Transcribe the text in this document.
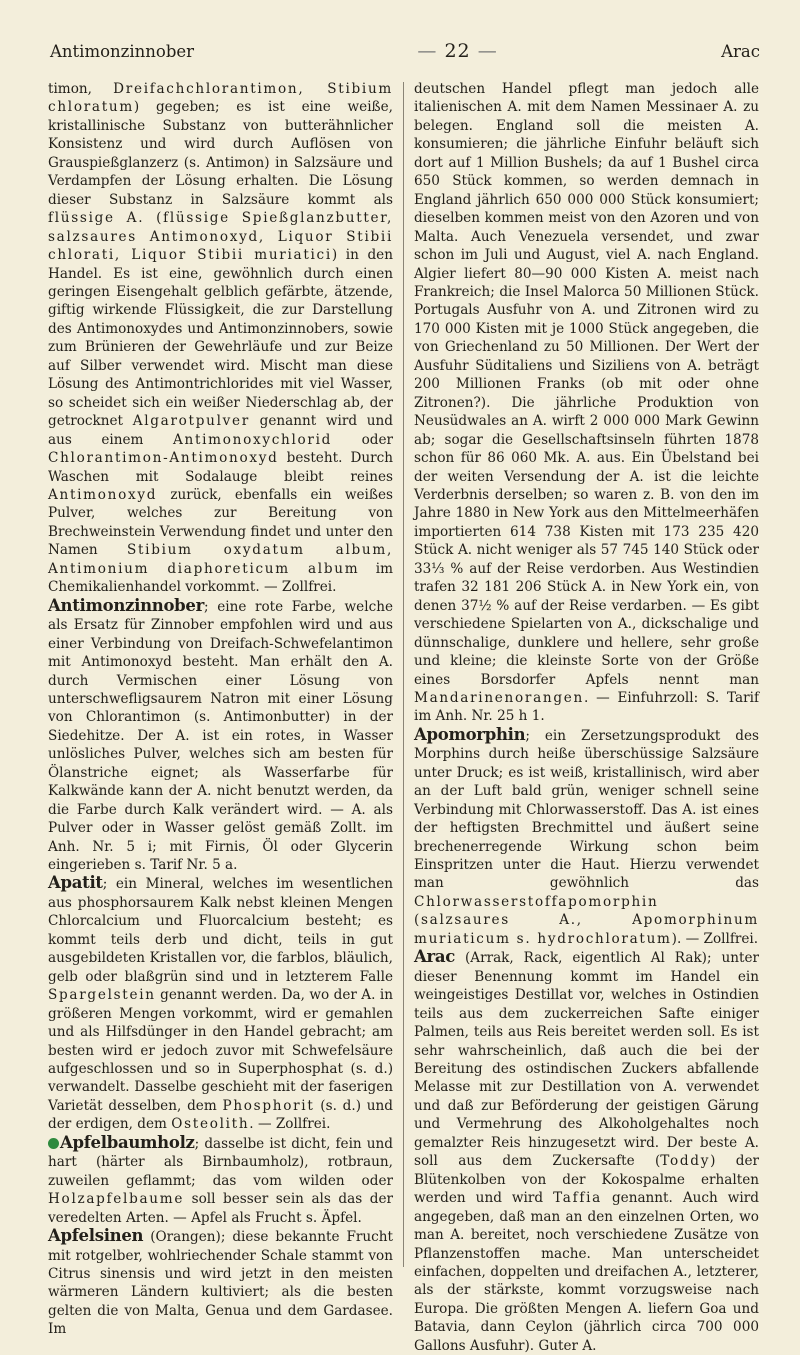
Antimonzinnober	— 22 —	Arac

timon, Dreifachchlorantimon, Stibium chloratum) gegeben; es ist eine weiße, kristallinische Substanz von butterähnlicher Konsistenz und wird durch Auflösen von Grauspießglanzerz (s. Antimon) in Salzsäure und Verdampfen der Lösung erhalten. Die Lösung dieser Substanz in Salzsäure kommt als flüssige A. (flüssige Spießglanzbutter, salzsaures Antimonoxyd, Liquor Stibii chlorati, Liquor Stibii muriatici) in den Handel. Es ist eine, gewöhnlich durch einen geringen Eisengehalt gelblich gefärbte, ätzende, giftig wirkende Flüssigkeit, die zur Darstellung des Antimonoxydes und Antimonzinnobers, sowie zum Brünieren der Gewehrläufe und zur Beize auf Silber verwendet wird. Mischt man diese Lösung des Antimontrichlorides mit viel Wasser, so scheidet sich ein weißer Niederschlag ab, der getrocknet Algarotpulver genannt wird und aus einem Antimonoxychlorid oder Chlorantimon-Antimonoxyd besteht. Durch Waschen mit Sodalauge bleibt reines Antimonoxyd zurück, ebenfalls ein weißes Pulver, welches zur Bereitung von Brechweinstein Verwendung findet und unter den Namen Stibium oxydatum album, Antimonium diaphoreticum album im Chemikalienhandel vorkommt. — Zollfrei.

Antimonzinnober; eine rote Farbe, welche als Ersatz für Zinnober empfohlen wird und aus einer Verbindung von Dreifach-Schwefelantimon mit Antimonoxyd besteht. Man erhält den A. durch Vermischen einer Lösung von unterschwefligsaurem Natron mit einer Lösung von Chlorantimon (s. Antimonbutter) in der Siedehitze. Der A. ist ein rotes, in Wasser unlösliches Pulver, welches sich am besten für Ölanstriche eignet; als Wasserfarbe für Kalkwände kann der A. nicht benutzt werden, da die Farbe durch Kalk verändert wird. — A. als Pulver oder in Wasser gelöst gemäß Zollt. im Anh. Nr. 5 i; mit Firnis, Öl oder Glycerin eingerieben s. Tarif Nr. 5 a.

Apatit; ein Mineral, welches im wesentlichen aus phosphorsaurem Kalk nebst kleinen Mengen Chlorcalcium und Fluorcalcium besteht; es kommt teils derb und dicht, teils in gut ausgebildeten Kristallen vor, die farblos, bläulich, gelb oder blaßgrün sind und in letzterem Falle Spargelstein genannt werden. Da, wo der A. in größeren Mengen vorkommt, wird er gemahlen und als Hilfsdünger in den Handel gebracht; am besten wird er jedoch zuvor mit Schwefelsäure aufgeschlossen und so in Superphosphat (s. d.) verwandelt. Dasselbe geschieht mit der faserigen Varietät desselben, dem Phosphorit (s. d.) und der erdigen, dem Osteolith. — Zollfrei.

Apfelbaumholz; dasselbe ist dicht, fein und hart (härter als Birnbaumholz), rotbraun, zuweilen geflammt; das vom wilden oder Holzapfelbaume soll besser sein als das der veredelten Arten. — Apfel als Frucht s. Äpfel.

Apfelsinen (Orangen); diese bekannte Frucht mit rotgelber, wohlriechender Schale stammt von Citrus sinensis und wird jetzt in den meisten wärmeren Ländern kultiviert; als die besten gelten die von Malta, Genua und dem Gardasee. Im

deutschen Handel pflegt man jedoch alle italienischen A. mit dem Namen Messinaer A. zu belegen. England soll die meisten A. konsumieren; die jährliche Einfuhr beläuft sich dort auf 1 Million Bushels; da auf 1 Bushel circa 650 Stück kommen, so werden demnach in England jährlich 650 000 000 Stück konsumiert; dieselben kommen meist von den Azoren und von Malta. Auch Venezuela versendet, und zwar schon im Juli und August, viel A. nach England. Algier liefert 80—90 000 Kisten A. meist nach Frankreich; die Insel Malorca 50 Millionen Stück. Portugals Ausfuhr von A. und Zitronen wird zu 170 000 Kisten mit je 1000 Stück angegeben, die von Griechenland zu 50 Millionen. Der Wert der Ausfuhr Süditaliens und Siziliens von A. beträgt 200 Millionen Franks (ob mit oder ohne Zitronen?). Die jährliche Produktion von Neusüdwales an A. wirft 2 000 000 Mark Gewinn ab; sogar die Gesellschaftsinseln führten 1878 schon für 86 060 Mk. A. aus. Ein Übelstand bei der weiten Versendung der A. ist die leichte Verderbnis derselben; so waren z. B. von den im Jahre 1880 in New York aus den Mittelmeerhäfen importierten 614 738 Kisten mit 173 235 420 Stück A. nicht weniger als 57 745 140 Stück oder 33⅓ % auf der Reise verdorben. Aus Westindien trafen 32 181 206 Stück A. in New York ein, von denen 37½ % auf der Reise verdarben. — Es gibt verschiedene Spielarten von A., dickschalige und dünnschalige, dunklere und hellere, sehr große und kleine; die kleinste Sorte von der Größe eines Borsdorfer Apfels nennt man Mandarinenorangen. — Einfuhrzoll: S. Tarif im Anh. Nr. 25 h 1.

Apomorphin; ein Zersetzungsprodukt des Morphins durch heiße überschüssige Salzsäure unter Druck; es ist weiß, kristallinisch, wird aber an der Luft bald grün, weniger schnell seine Verbindung mit Chlorwasserstoff. Das A. ist eines der heftigsten Brechmittel und äußert seine brechenerregende Wirkung schon beim Einspritzen unter die Haut. Hierzu verwendet man gewöhnlich das Chlorwasserstoffapomorphin (salzsaures A., Apomorphinum muriaticum s. hydrochloratum). — Zollfrei.

Arac (Arrak, Rack, eigentlich Al Rak); unter dieser Benennung kommt im Handel ein weingeistiges Destillat vor, welches in Ostindien teils aus dem zuckerreichen Safte einiger Palmen, teils aus Reis bereitet werden soll. Es ist sehr wahrscheinlich, daß auch die bei der Bereitung des ostindischen Zuckers abfallende Melasse mit zur Destillation von A. verwendet und daß zur Beförderung der geistigen Gärung und Vermehrung des Alkoholgehaltes noch gemalzter Reis hinzugesetzt wird. Der beste A. soll aus dem Zuckersafte (Toddy) der Blütenkolben von der Kokospalme erhalten werden und wird Taffia genannt. Auch wird angegeben, daß man an den einzelnen Orten, wo man A. bereitet, noch verschiedene Zusätze von Pflanzenstoffen mache. Man unterscheidet einfachen, doppelten und dreifachen A., letzterer, als der stärkste, kommt vorzugsweise nach Europa. Die größten Mengen A. liefern Goa und Batavia, dann Ceylon (jährlich circa 700 000 Gallons Ausfuhr). Guter A.
